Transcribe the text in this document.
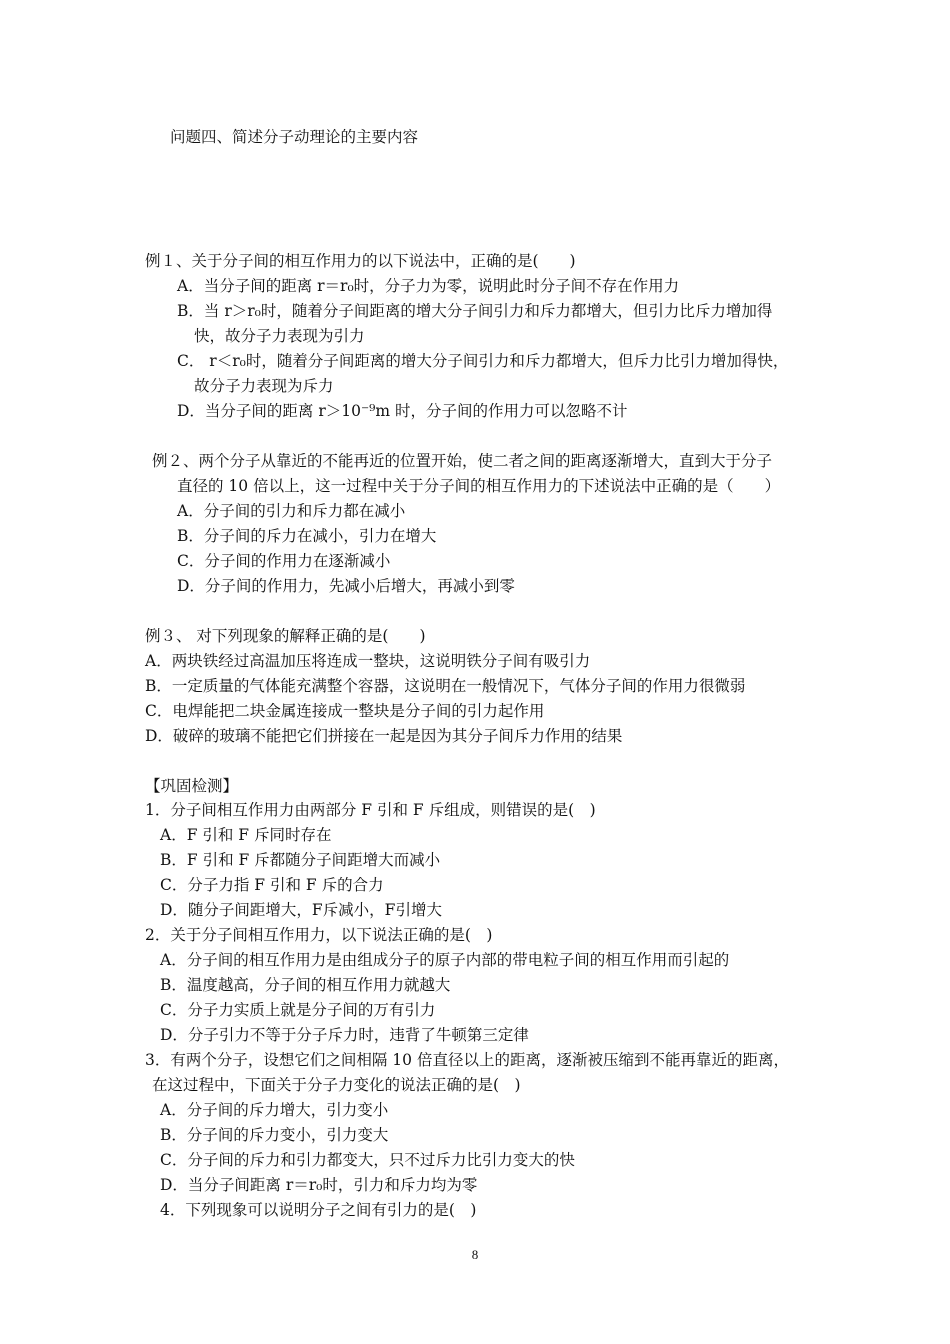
问题四、简述分子动理论的主要内容
例１、关于分子间的相互作用力的以下说法中，正确的是(　　)
A．当分子间的距离 r＝r₀时，分子力为零，说明此时分子间不存在作用力
B．当 r＞r₀时，随着分子间距离的增大分子间引力和斥力都增大，但引力比斥力增加得
快，故分子力表现为引力
C． r＜r₀时，随着分子间距离的增大分子间引力和斥力都增大，但斥力比引力增加得快，
故分子力表现为斥力
D．当分子间的距离 r＞10⁻⁹m 时，分子间的作用力可以忽略不计
例２、两个分子从靠近的不能再近的位置开始，使二者之间的距离逐渐增大，直到大于分子
直径的 10 倍以上，这一过程中关于分子间的相互作用力的下述说法中正确的是（　　）
A．分子间的引力和斥力都在减小
B．分子间的斥力在减小，引力在增大
C．分子间的作用力在逐渐减小
D．分子间的作用力，先减小后增大，再减小到零
例３、 对下列现象的解释正确的是(　　)
A．两块铁经过高温加压将连成一整块，这说明铁分子间有吸引力
B．一定质量的气体能充满整个容器，这说明在一般情况下，气体分子间的作用力很微弱
C．电焊能把二块金属连接成一整块是分子间的引力起作用
D．破碎的玻璃不能把它们拼接在一起是因为其分子间斥力作用的结果
【巩固检测】
1．分子间相互作用力由两部分 F 引和 F 斥组成，则错误的是(　)
A．F 引和 F 斥同时存在
B．F 引和 F 斥都随分子间距增大而减小
C．分子力指 F 引和 F 斥的合力
D．随分子间距增大，F斥减小，F引增大
2．关于分子间相互作用力，以下说法正确的是(　)
A．分子间的相互作用力是由组成分子的原子内部的带电粒子间的相互作用而引起的
B．温度越高，分子间的相互作用力就越大
C．分子力实质上就是分子间的万有引力
D．分子引力不等于分子斥力时，违背了牛顿第三定律
3．有两个分子，设想它们之间相隔 10 倍直径以上的距离，逐渐被压缩到不能再靠近的距离，
在这过程中，下面关于分子力变化的说法正确的是(　)
A．分子间的斥力增大，引力变小
B．分子间的斥力变小，引力变大
C．分子间的斥力和引力都变大，只不过斥力比引力变大的快
D．当分子间距离 r＝r₀时，引力和斥力均为零
4．下列现象可以说明分子之间有引力的是(　)
8
